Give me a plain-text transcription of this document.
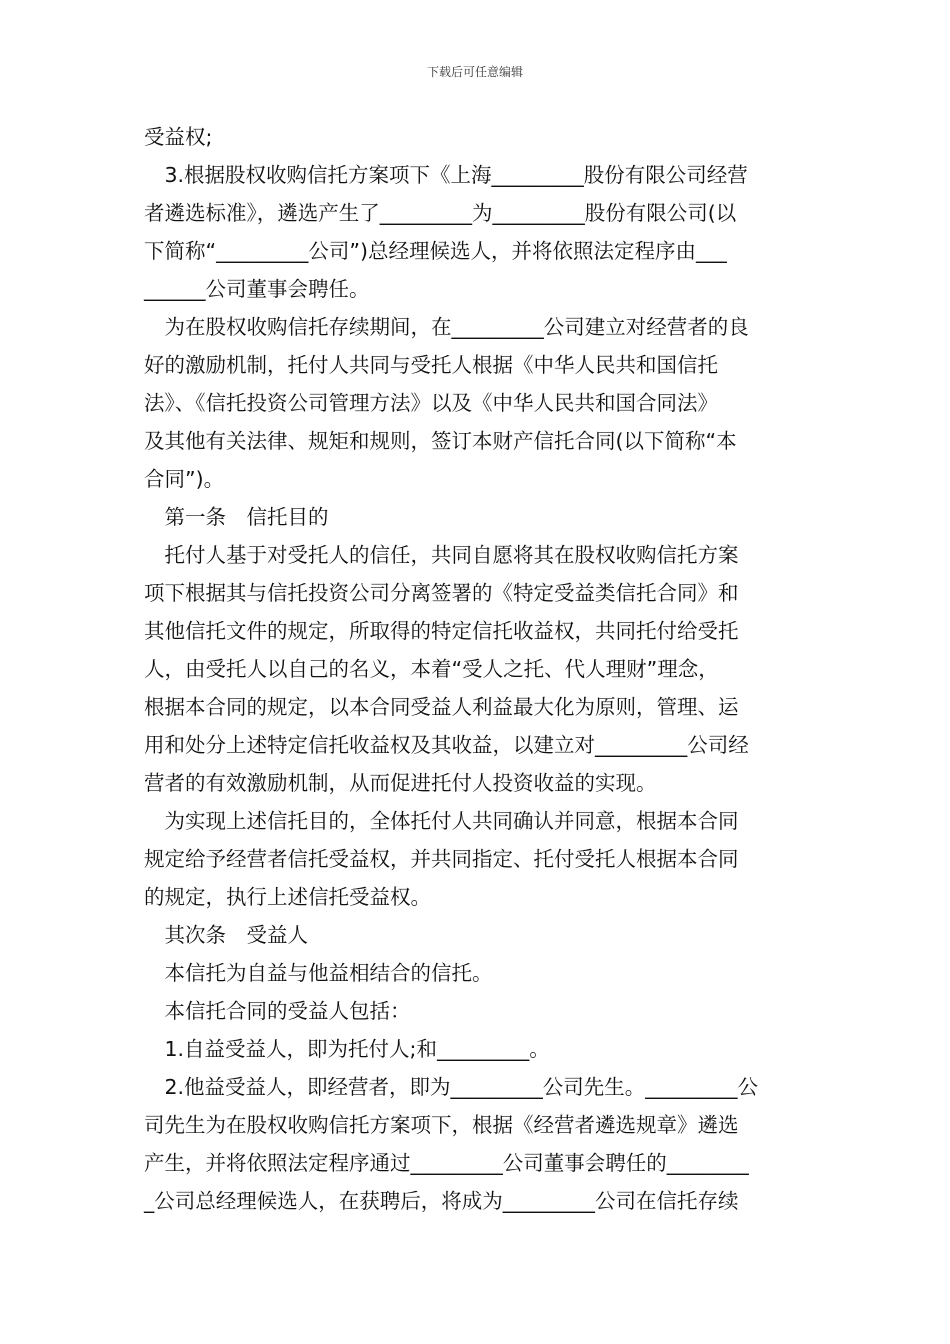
下载后可任意编辑
受益权;
　3.根据股权收购信托方案项下《上海_________股份有限公司经营
者遴选标准》，遴选产生了_________为_________股份有限公司(以
下简称“_________公司”)总经理候选人，并将依照法定程序由___
______公司董事会聘任。
　为在股权收购信托存续期间，在_________公司建立对经营者的良
好的激励机制，托付人共同与受托人根据《中华人民共和国信托
法》、《信托投资公司管理方法》以及《中华人民共和国合同法》
及其他有关法律、规矩和规则，签订本财产信托合同(以下简称“本
合同”)。
　第一条　信托目的
　托付人基于对受托人的信任，共同自愿将其在股权收购信托方案
项下根据其与信托投资公司分离签署的《特定受益类信托合同》和
其他信托文件的规定，所取得的特定信托收益权，共同托付给受托
人，由受托人以自己的名义，本着“受人之托、代人理财”理念，
根据本合同的规定，以本合同受益人利益最大化为原则，管理、运
用和处分上述特定信托收益权及其收益，以建立对_________公司经
营者的有效激励机制，从而促进托付人投资收益的实现。
　为实现上述信托目的，全体托付人共同确认并同意，根据本合同
规定给予经营者信托受益权，并共同指定、托付受托人根据本合同
的规定，执行上述信托受益权。
　其次条　受益人
　本信托为自益与他益相结合的信托。
　本信托合同的受益人包括：
　1.自益受益人，即为托付人;和_________。
　2.他益受益人，即经营者，即为_________公司先生。_________公
司先生为在股权收购信托方案项下，根据《经营者遴选规章》遴选
产生，并将依照法定程序通过_________公司董事会聘任的________
_公司总经理候选人，在获聘后，将成为_________公司在信托存续
